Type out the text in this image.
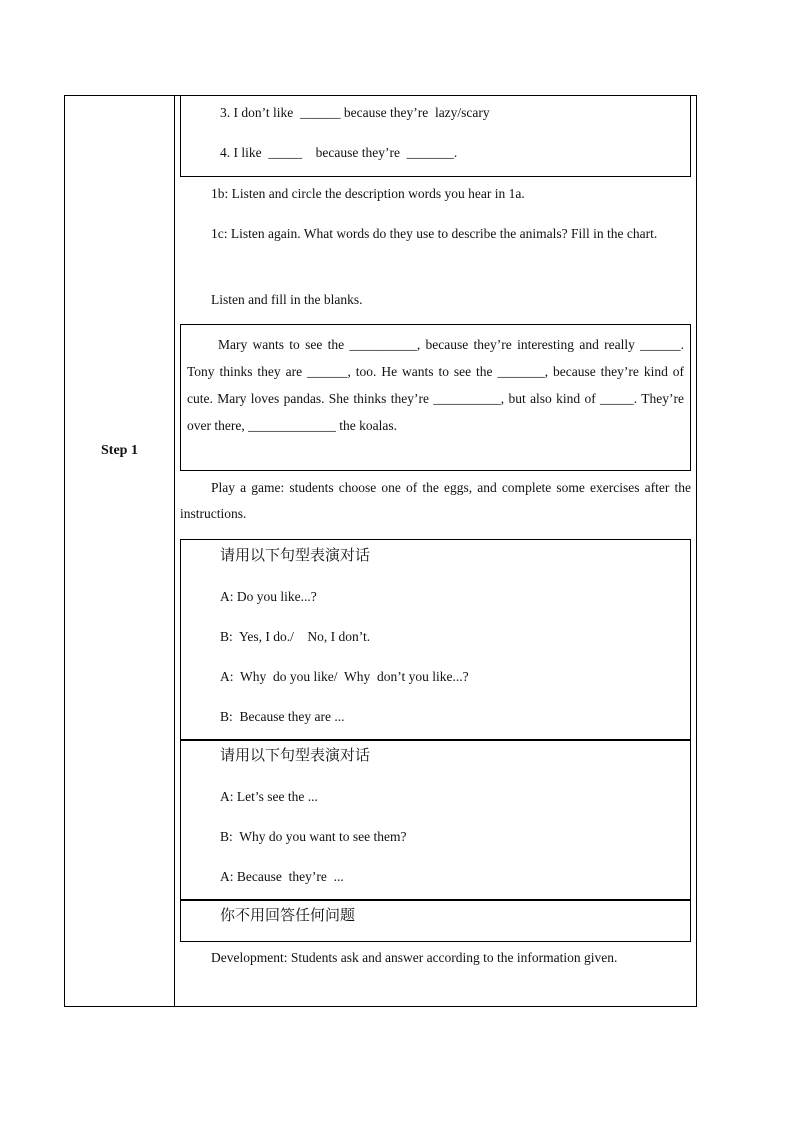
Step 1
3. I don’t like  ______ because they’re  lazy/scary
4. I like  _____    because they’re  _______.
1b: Listen and circle the description words you hear in 1a.
1c: Listen again. What words do they use to describe the animals? Fill in the chart.
Listen and fill in the blanks.
Mary wants to see the __________, because they’re interesting and really ______. Tony thinks they are ______, too. He wants to see the _______, because they’re kind of cute. Mary loves pandas. She thinks they’re __________, but also kind of _____. They’re over there, _____________ the koalas.
Play a game: students choose one of the eggs, and complete some exercises after the instructions.
请用以下句型表演对话
A: Do you like...?
B:  Yes, I do./    No, I don’t.
A:  Why  do you like/  Why  don’t you like...?
B:  Because they are ...
请用以下句型表演对话
A: Let’s see the ...
B:  Why do you want to see them?
A: Because  they’re  ...
你不用回答任何问题
Development: Students ask and answer according to the information given.
